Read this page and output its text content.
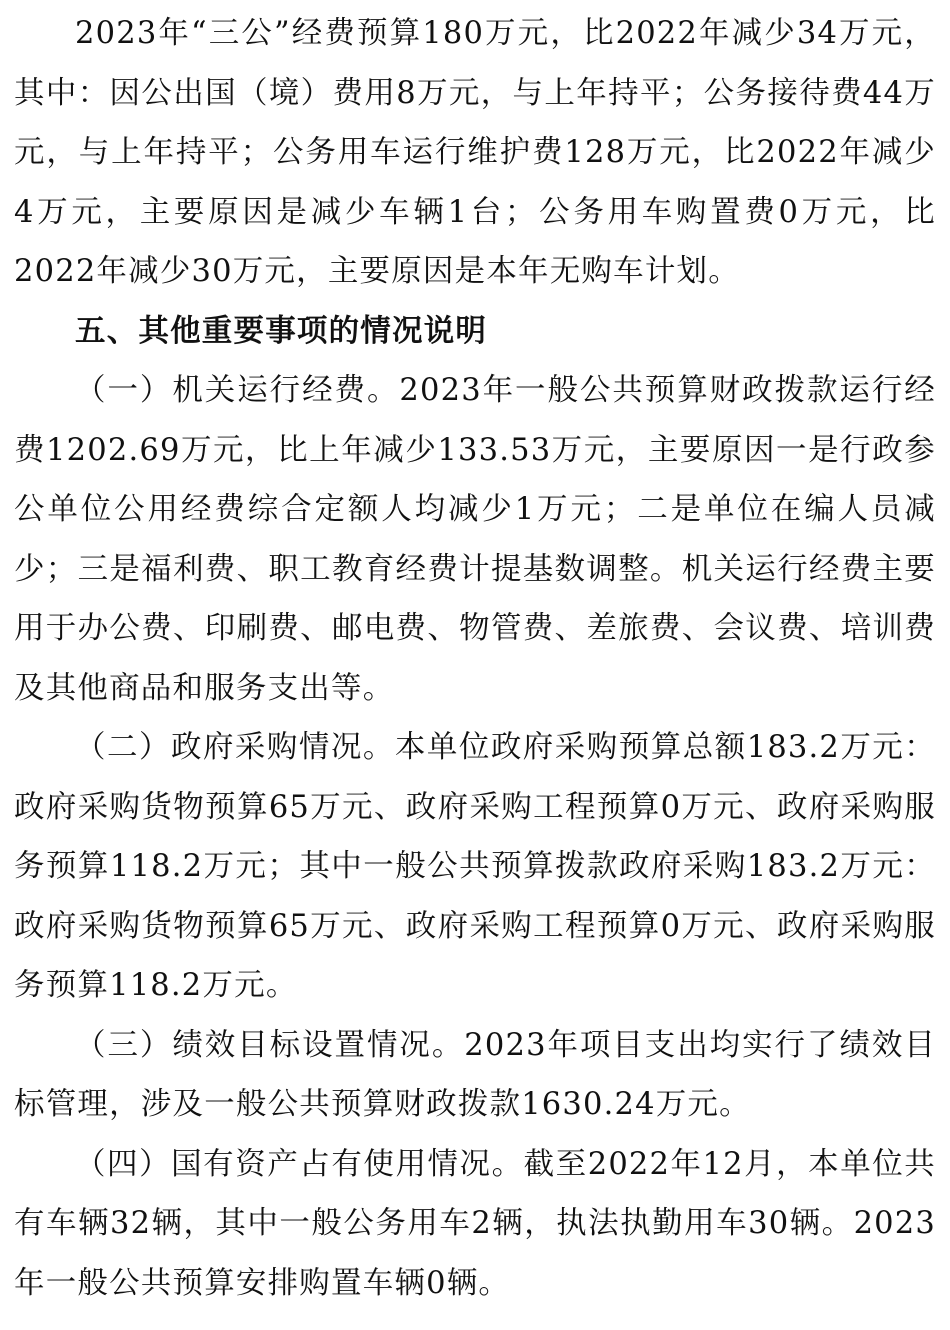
2023年“三公”经费预算180万元，比2022年减少34万元，其中：因公出国（境）费用8万元，与上年持平；公务接待费44万元，与上年持平；公务用车运行维护费128万元，比2022年减少4万元，主要原因是减少车辆1台；公务用车购置费0万元，比2022年减少30万元，主要原因是本年无购车计划。

五、其他重要事项的情况说明

（一）机关运行经费。2023年一般公共预算财政拨款运行经费1202.69万元，比上年减少133.53万元，主要原因一是行政参公单位公用经费综合定额人均减少1万元；二是单位在编人员减少；三是福利费、职工教育经费计提基数调整。机关运行经费主要用于办公费、印刷费、邮电费、物管费、差旅费、会议费、培训费及其他商品和服务支出等。

（二）政府采购情况。本单位政府采购预算总额183.2万元：政府采购货物预算65万元、政府采购工程预算0万元、政府采购服务预算118.2万元；其中一般公共预算拨款政府采购183.2万元：政府采购货物预算65万元、政府采购工程预算0万元、政府采购服务预算118.2万元。

（三）绩效目标设置情况。2023年项目支出均实行了绩效目标管理，涉及一般公共预算财政拨款1630.24万元。

（四）国有资产占有使用情况。截至2022年12月，本单位共有车辆32辆，其中一般公务用车2辆，执法执勤用车30辆。2023年一般公共预算安排购置车辆0辆。
